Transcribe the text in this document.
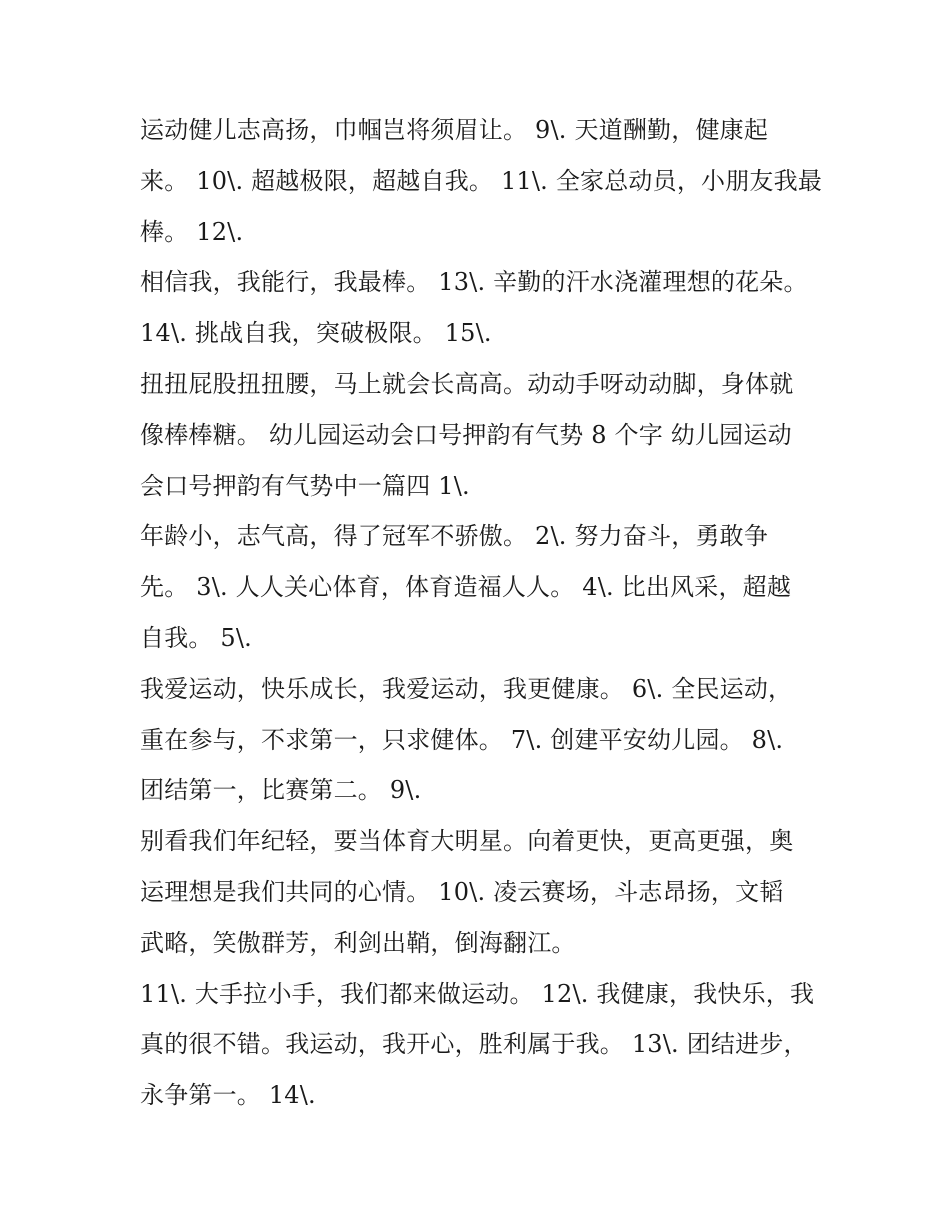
运动健儿志高扬，巾帼岂将须眉让。 9\. 天道酬勤，健康起
来。 10\. 超越极限，超越自我。 11\. 全家总动员，小朋友我最
棒。 12\.
相信我，我能行，我最棒。 13\. 辛勤的汗水浇灌理想的花朵。
14\. 挑战自我，突破极限。 15\.
扭扭屁股扭扭腰，马上就会长高高。动动手呀动动脚，身体就
像棒棒糖。 幼儿园运动会口号押韵有气势 8 个字 幼儿园运动
会口号押韵有气势中一篇四 1\.
年龄小，志气高，得了冠军不骄傲。 2\. 努力奋斗，勇敢争
先。 3\. 人人关心体育，体育造福人人。 4\. 比出风采，超越
自我。 5\.
我爱运动，快乐成长，我爱运动，我更健康。 6\. 全民运动，
重在参与，不求第一，只求健体。 7\. 创建平安幼儿园。 8\.
团结第一，比赛第二。 9\.
别看我们年纪轻，要当体育大明星。向着更快，更高更强，奥
运理想是我们共同的心情。 10\. 凌云赛场，斗志昂扬，文韬
武略，笑傲群芳，利剑出鞘，倒海翻江。
11\. 大手拉小手，我们都来做运动。 12\. 我健康，我快乐，我
真的很不错。我运动，我开心，胜利属于我。 13\. 团结进步，
永争第一。 14\.
